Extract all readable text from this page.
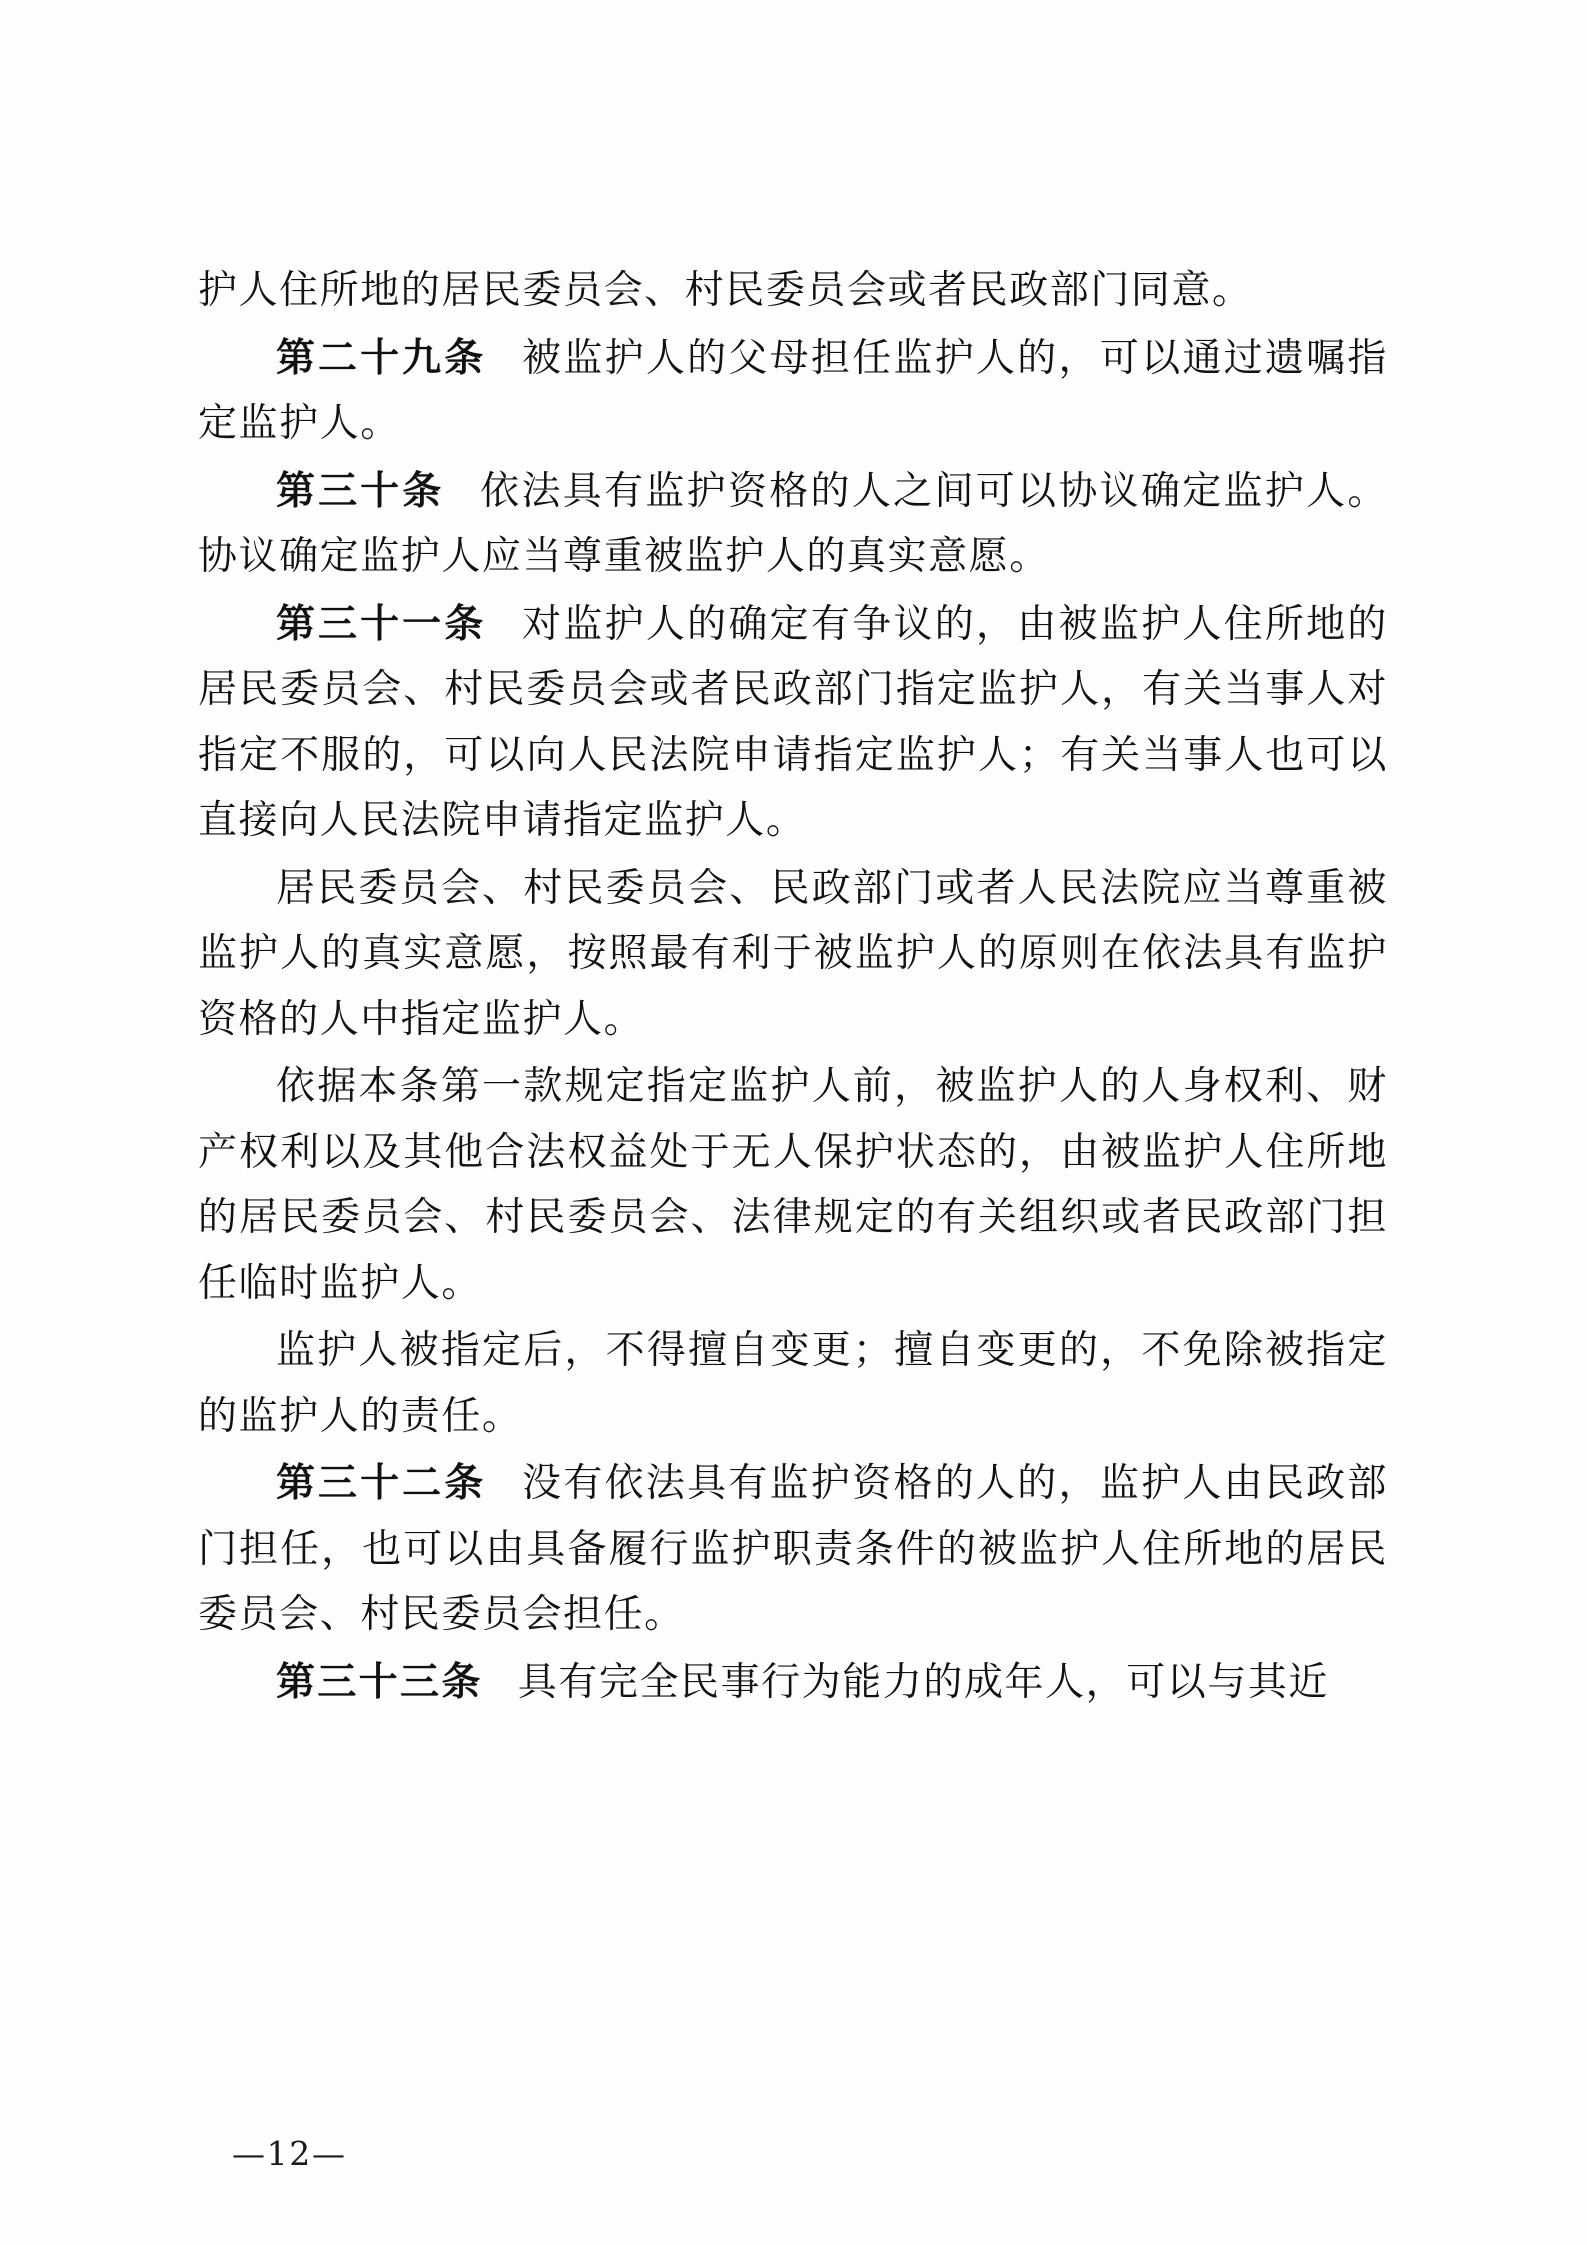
护人住所地的居民委员会、村民委员会或者民政部门同意。

第二十九条 被监护人的父母担任监护人的，可以通过遗嘱指定监护人。

第三十条 依法具有监护资格的人之间可以协议确定监护人。协议确定监护人应当尊重被监护人的真实意愿。

第三十一条 对监护人的确定有争议的，由被监护人住所地的居民委员会、村民委员会或者民政部门指定监护人，有关当事人对指定不服的，可以向人民法院申请指定监护人；有关当事人也可以直接向人民法院申请指定监护人。

居民委员会、村民委员会、民政部门或者人民法院应当尊重被监护人的真实意愿，按照最有利于被监护人的原则在依法具有监护资格的人中指定监护人。

依据本条第一款规定指定监护人前，被监护人的人身权利、财产权利以及其他合法权益处于无人保护状态的，由被监护人住所地的居民委员会、村民委员会、法律规定的有关组织或者民政部门担任临时监护人。

监护人被指定后，不得擅自变更；擅自变更的，不免除被指定的监护人的责任。

第三十二条 没有依法具有监护资格的人的，监护人由民政部门担任，也可以由具备履行监护职责条件的被监护人住所地的居民委员会、村民委员会担任。

第三十三条 具有完全民事行为能力的成年人，可以与其近

—12—
